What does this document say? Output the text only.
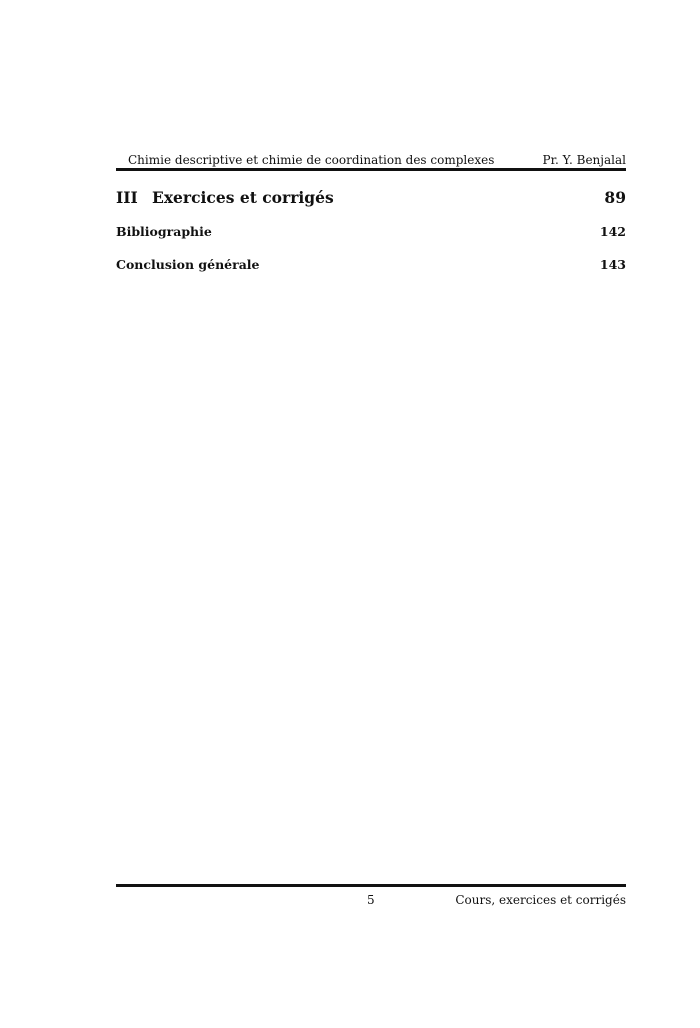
Chimie descriptive et chimie de coordination des complexes	Pr. Y. Benjalal
III Exercices et corrigés	89
Bibliographie	142
Conclusion générale	143
5	Cours, exercices et corrigés
